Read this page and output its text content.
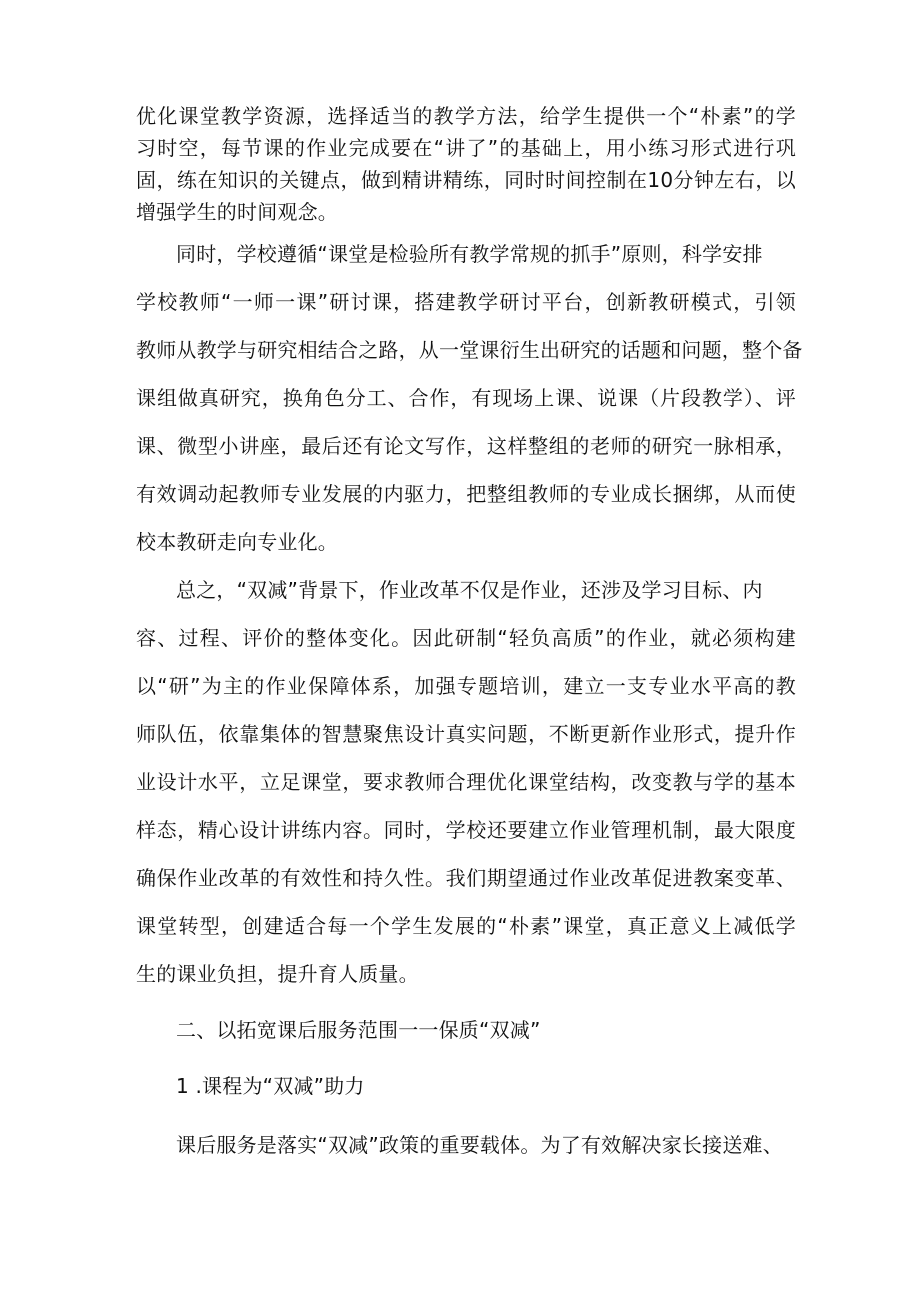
优化课堂教学资源，选择适当的教学方法，给学生提供一个“朴素”的学
习时空，每节课的作业完成要在“讲了”的基础上，用小练习形式进行巩
固，练在知识的关键点，做到精讲精练，同时时间控制在10分钟左右，以
增强学生的时间观念。
同时，学校遵循“课堂是检验所有教学常规的抓手”原则，科学安排
学校教师“一师一课”研讨课，搭建教学研讨平台，创新教研模式，引领
教师从教学与研究相结合之路，从一堂课衍生出研究的话题和问题，整个备
课组做真研究，换角色分工、合作，有现场上课、说课（片段教学）、评
课、微型小讲座，最后还有论文写作，这样整组的老师的研究一脉相承，
有效调动起教师专业发展的内驱力，把整组教师的专业成长捆绑，从而使
校本教研走向专业化。
总之，“双减”背景下，作业改革不仅是作业，还涉及学习目标、内
容、过程、评价的整体变化。因此研制“轻负高质”的作业，就必须构建
以“研”为主的作业保障体系，加强专题培训，建立一支专业水平高的教
师队伍，依靠集体的智慧聚焦设计真实问题，不断更新作业形式，提升作
业设计水平，立足课堂，要求教师合理优化课堂结构，改变教与学的基本
样态，精心设计讲练内容。同时，学校还要建立作业管理机制，最大限度
确保作业改革的有效性和持久性。我们期望通过作业改革促进教案变革、
课堂转型，创建适合每一个学生发展的“朴素”课堂，真正意义上减低学
生的课业负担，提升育人质量。
二、以拓宽课后服务范围一一保质“双减”
1 .课程为“双减”助力
课后服务是落实“双减”政策的重要载体。为了有效解决家长接送难、
